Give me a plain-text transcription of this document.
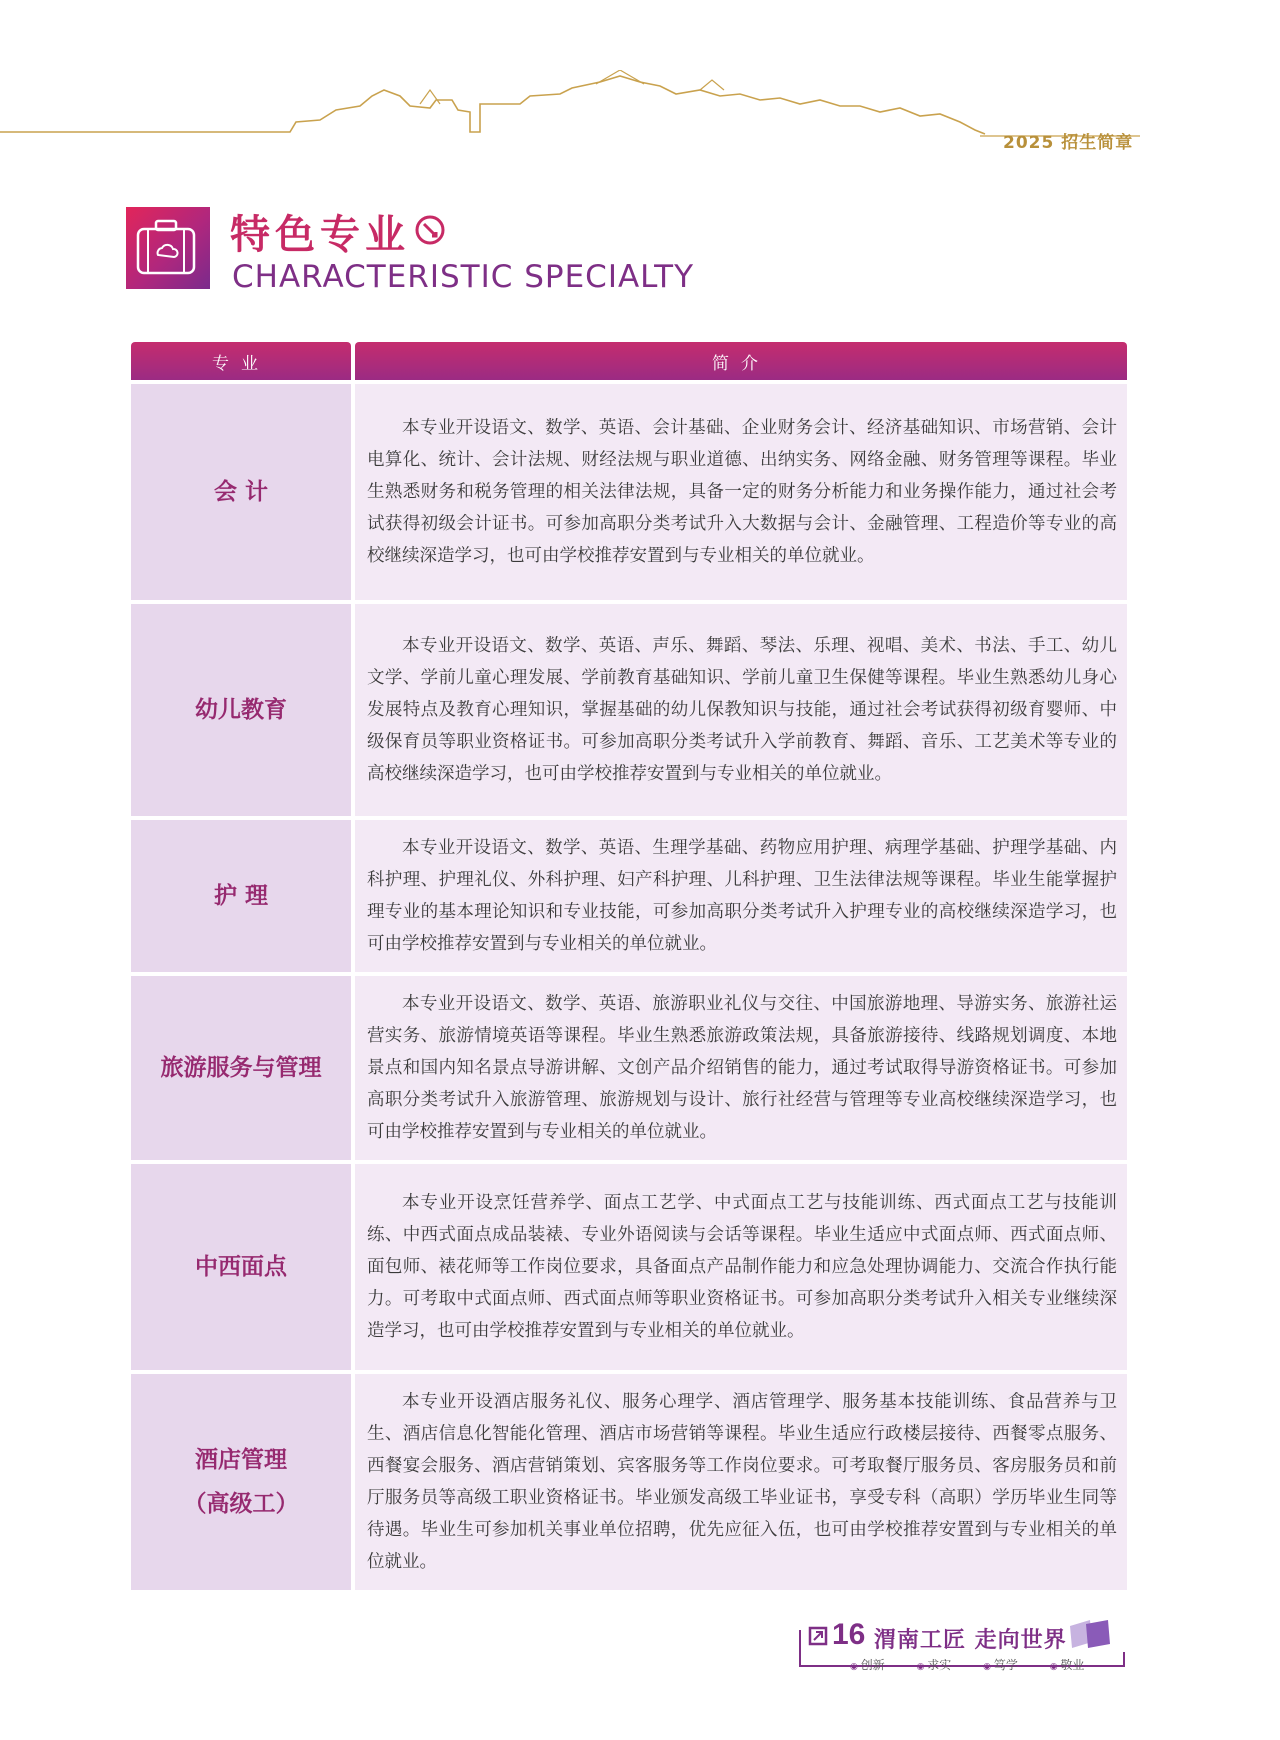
2025 招生简章
特色专业
CHARACTERISTIC SPECIALTY
专业	简介
会 计	本专业开设语文、数学、英语、会计基础、企业财务会计、经济基础知识、市场营销、会计电算化、统计、会计法规、财经法规与职业道德、出纳实务、网络金融、财务管理等课程。毕业生熟悉财务和税务管理的相关法律法规，具备一定的财务分析能力和业务操作能力，通过社会考试获得初级会计证书。可参加高职分类考试升入大数据与会计、金融管理、工程造价等专业的高校继续深造学习，也可由学校推荐安置到与专业相关的单位就业。
幼儿教育	本专业开设语文、数学、英语、声乐、舞蹈、琴法、乐理、视唱、美术、书法、手工、幼儿文学、学前儿童心理发展、学前教育基础知识、学前儿童卫生保健等课程。毕业生熟悉幼儿身心发展特点及教育心理知识，掌握基础的幼儿保教知识与技能，通过社会考试获得初级育婴师、中级保育员等职业资格证书。可参加高职分类考试升入学前教育、舞蹈、音乐、工艺美术等专业的高校继续深造学习，也可由学校推荐安置到与专业相关的单位就业。
护 理	本专业开设语文、数学、英语、生理学基础、药物应用护理、病理学基础、护理学基础、内科护理、护理礼仪、外科护理、妇产科护理、儿科护理、卫生法律法规等课程。毕业生能掌握护理专业的基本理论知识和专业技能，可参加高职分类考试升入护理专业的高校继续深造学习，也可由学校推荐安置到与专业相关的单位就业。
旅游服务与管理	本专业开设语文、数学、英语、旅游职业礼仪与交往、中国旅游地理、导游实务、旅游社运营实务、旅游情境英语等课程。毕业生熟悉旅游政策法规，具备旅游接待、线路规划调度、本地景点和国内知名景点导游讲解、文创产品介绍销售的能力，通过考试取得导游资格证书。可参加高职分类考试升入旅游管理、旅游规划与设计、旅行社经营与管理等专业高校继续深造学习，也可由学校推荐安置到与专业相关的单位就业。
中西面点	本专业开设烹饪营养学、面点工艺学、中式面点工艺与技能训练、西式面点工艺与技能训练、中西式面点成品装裱、专业外语阅读与会话等课程。毕业生适应中式面点师、西式面点师、面包师、裱花师等工作岗位要求，具备面点产品制作能力和应急处理协调能力、交流合作执行能力。可考取中式面点师、西式面点师等职业资格证书。可参加高职分类考试升入相关专业继续深造学习，也可由学校推荐安置到与专业相关的单位就业。

酒店管理
（高级工）	本专业开设酒店服务礼仪、服务心理学、酒店管理学、服务基本技能训练、食品营养与卫生、酒店信息化智能化管理、酒店市场营销等课程。毕业生适应行政楼层接待、西餐零点服务、西餐宴会服务、酒店营销策划、宾客服务等工作岗位要求。可考取餐厅服务员、客房服务员和前厅服务员等高级工职业资格证书。毕业颁发高级工毕业证书，享受专科（高职）学历毕业生同等待遇。毕业生可参加机关事业单位招聘，优先应征入伍，也可由学校推荐安置到与专业相关的单位就业。
16 渭南工匠 走向世界
◉ 创新	◉ 求实	◉ 笃学	◉ 敬业
